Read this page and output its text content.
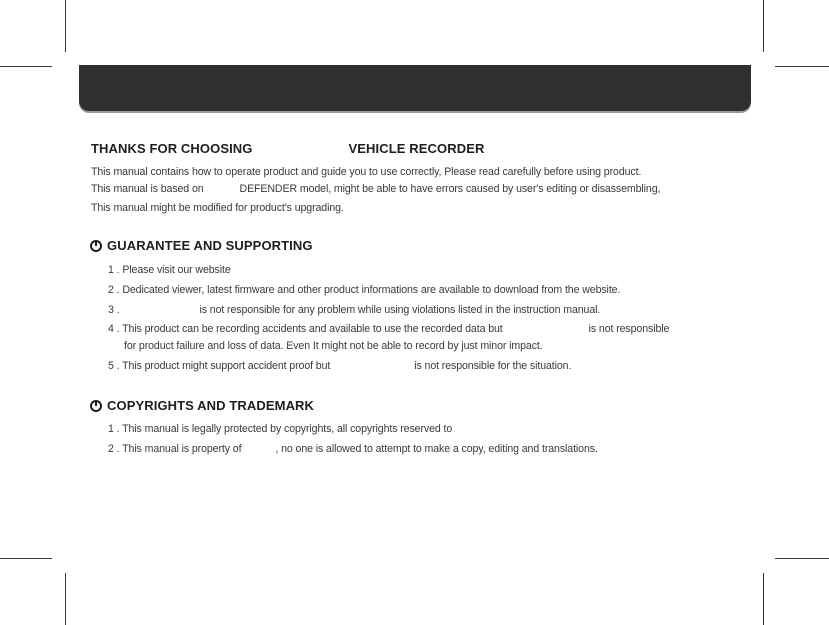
THANKS FOR CHOOSING	VEHICLE RECORDER
This manual contains how to operate product and guide you to use correctly, Please read carefully before using product.
This manual is based on	DEFENDER model, might be able to have errors caused by user's editing or disassembling,
This manual might be modified for product's upgrading.
GUARANTEE AND SUPPORTING
1 . Please visit our website
2 . Dedicated viewer, latest firmware and other product informations are available to download from the website.
3 .	is not responsible for any problem while using violations listed in the instruction manual.
4 . This product can be recording accidents and available to use the recorded data but	is not responsible
for product failure and loss of data. Even It might not be able to record by just minor impact.
5 . This product might support accident proof but	is not responsible for the situation.
COPYRIGHTS AND TRADEMARK
1 . This manual is legally protected by copyrights, all copyrights reserved to
2 . This manual is property of	, no one is allowed to attempt to make a copy, editing and translations.
